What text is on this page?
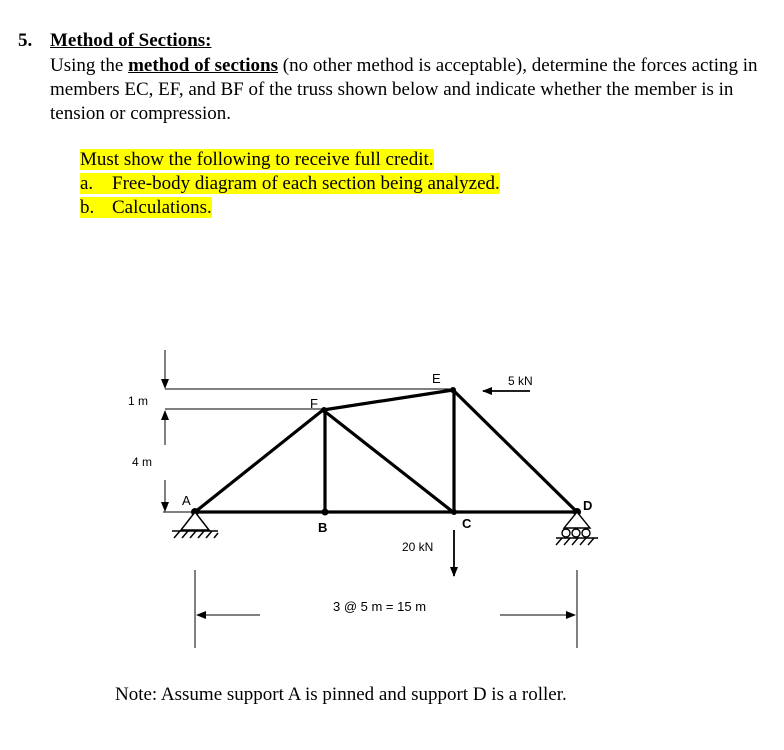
5. Method of Sections:
Using the method of sections (no other method is acceptable), determine the forces acting in members EC, EF, and BF of the truss shown below and indicate whether the member is in tension or compression.
Must show the following to receive full credit.
a. Free-body diagram of each section being analyzed.
b. Calculations.
A
B	C
D
E
F
1 m
4 m
5 kN
20 kN
3 @ 5 m = 15 m
Note: Assume support A is pinned and support D is a roller.
